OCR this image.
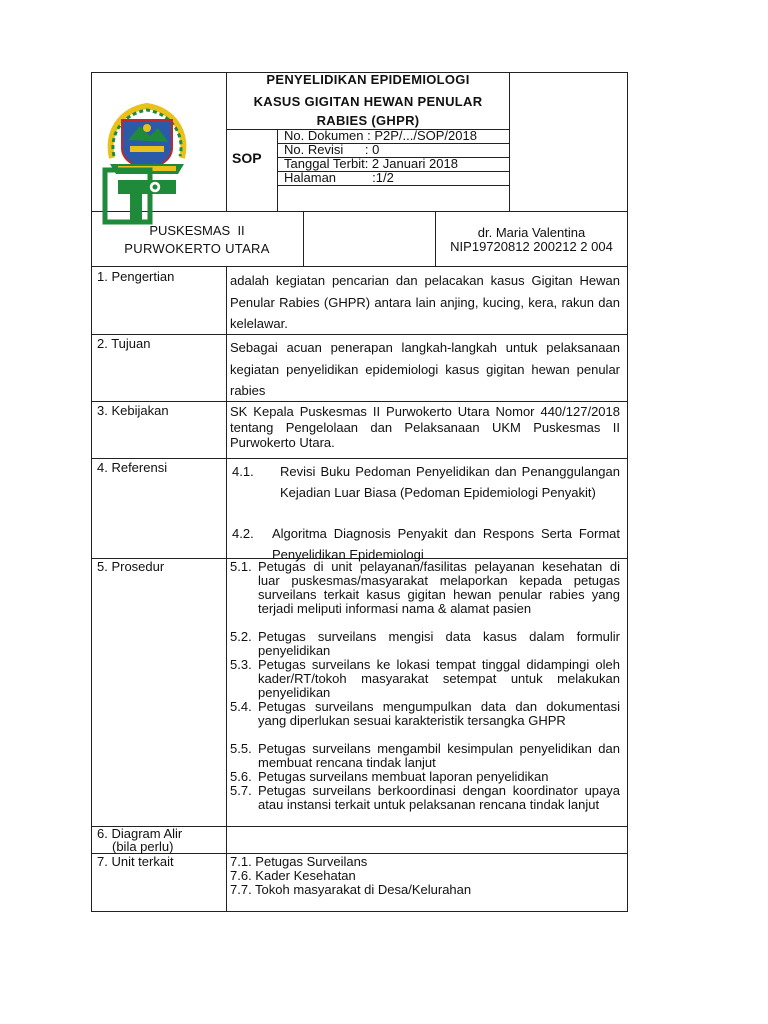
PENYELIDIKAN EPIDEMIOLOGI
KASUS GIGITAN HEWAN PENULAR
RABIES (GHPR)
SOP
No. Dokumen : P2P/.../SOP/2018
No. Revisi      : 0
Tanggal Terbit: 2 Januari 2018
Halaman          :1/2
PUSKESMAS  II
PURWOKERTO UTARA
dr. Maria Valentina
NIP19720812 200212 2 004
1. Pengertian	adalah kegiatan pencarian dan pelacakan kasus Gigitan Hewan Penular Rabies (GHPR) antara lain anjing, kucing, kera, rakun dan kelelawar.
2. Tujuan	Sebagai acuan penerapan langkah-langkah untuk pelaksanaan kegiatan penyelidikan epidemiologi kasus gigitan hewan penular rabies
3. Kebijakan	SK Kepala Puskesmas II Purwokerto Utara Nomor 440/127/2018 tentang Pengelolaan dan Pelaksanaan UKM Puskesmas II Purwokerto Utara.
4. Referensi	4.1. Revisi Buku Pedoman Penyelidikan dan Penanggulangan Kejadian Luar Biasa (Pedoman Epidemiologi Penyakit)
4.2. Algoritma Diagnosis Penyakit dan Respons Serta Format Penyelidikan Epidemiologi
5. Prosedur	5.1. Petugas di unit pelayanan/fasilitas pelayanan kesehatan di luar puskesmas/masyarakat melaporkan kepada petugas surveilans terkait kasus gigitan hewan penular rabies yang terjadi meliputi informasi nama & alamat pasien
5.2. Petugas surveilans mengisi data kasus dalam formulir penyelidikan
5.3. Petugas surveilans ke lokasi tempat tinggal didampingi oleh kader/RT/tokoh masyarakat setempat untuk melakukan penyelidikan
5.4. Petugas surveilans mengumpulkan data dan dokumentasi yang diperlukan sesuai karakteristik tersangka GHPR
5.5. Petugas surveilans mengambil kesimpulan penyelidikan dan membuat rencana tindak lanjut
5.6. Petugas surveilans membuat laporan penyelidikan
5.7. Petugas surveilans berkoordinasi dengan koordinator upaya atau instansi terkait untuk pelaksanan rencana tindak lanjut
6. Diagram Alir
(bila perlu)
7. Unit terkait	7.1. Petugas Surveilans
7.6. Kader Kesehatan
7.7. Tokoh masyarakat di Desa/Kelurahan
